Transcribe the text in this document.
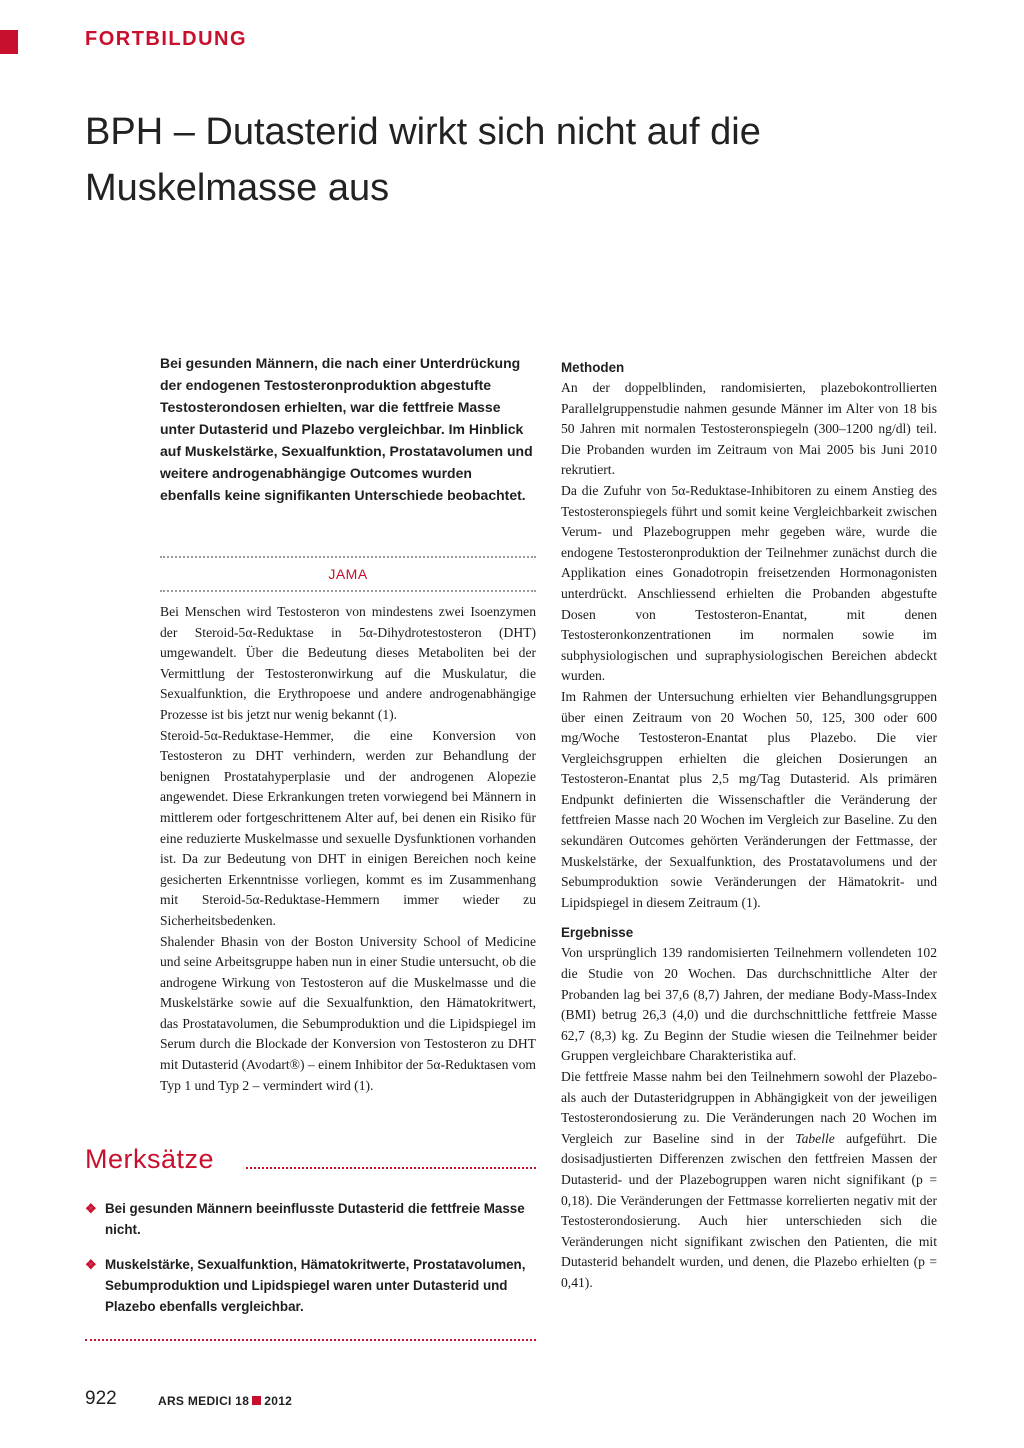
FORTBILDUNG
BPH – Dutasterid wirkt sich nicht auf die Muskelmasse aus

Bei gesunden Männern, die nach einer Unterdrückung der endogenen Testosteronproduktion abgestufte Testosterondosen erhielten, war die fettfreie Masse unter Dutasterid und Plazebo vergleichbar. Im Hinblick auf Muskelstärke, Sexualfunktion, Prostatavolumen und weitere androgenabhängige Outcomes wurden ebenfalls keine signifikanten Unterschiede beobachtet.

JAMA

Bei Menschen wird Testosteron von mindestens zwei Isoenzymen der Steroid-5α-Reduktase in 5α-Dihydrotestosteron (DHT) umgewandelt. Über die Bedeutung dieses Metaboliten bei der Vermittlung der Testosteronwirkung auf die Muskulatur, die Sexualfunktion, die Erythropoese und andere androgenabhängige Prozesse ist bis jetzt nur wenig bekannt (1).

Steroid-5α-Reduktase-Hemmer, die eine Konversion von Testosteron zu DHT verhindern, werden zur Behandlung der benignen Prostatahyperplasie und der androgenen Alopezie angewendet. Diese Erkrankungen treten vorwiegend bei Männern in mittlerem oder fortgeschrittenem Alter auf, bei denen ein Risiko für eine reduzierte Muskelmasse und sexuelle Dysfunktionen vorhanden ist. Da zur Bedeutung von DHT in einigen Bereichen noch keine gesicherten Erkenntnisse vorliegen, kommt es im Zusammenhang mit Steroid-5α-Reduktase-Hemmern immer wieder zu Sicherheitsbedenken.

Shalender Bhasin von der Boston University School of Medicine und seine Arbeitsgruppe haben nun in einer Studie untersucht, ob die androgene Wirkung von Testosteron auf die Muskelmasse und die Muskelstärke sowie auf die Sexualfunktion, den Hämatokritwert, das Prostatavolumen, die Sebumproduktion und die Lipidspiegel im Serum durch die Blockade der Konversion von Testosteron zu DHT mit Dutasterid (Avodart®) – einem Inhibitor der 5α-Reduktasen vom Typ 1 und Typ 2 – vermindert wird (1).

Methoden

An der doppelblinden, randomisierten, plazebokontrollierten Parallelgruppenstudie nahmen gesunde Männer im Alter von 18 bis 50 Jahren mit normalen Testosteronspiegeln (300–1200 ng/dl) teil. Die Probanden wurden im Zeitraum von Mai 2005 bis Juni 2010 rekrutiert.

Da die Zufuhr von 5α-Reduktase-Inhibitoren zu einem Anstieg des Testosteronspiegels führt und somit keine Vergleichbarkeit zwischen Verum- und Plazebogruppen mehr gegeben wäre, wurde die endogene Testosteronproduktion der Teilnehmer zunächst durch die Applikation eines Gonadotropin freisetzenden Hormonagonisten unterdrückt. Anschliessend erhielten die Probanden abgestufte Dosen von Testosteron-Enantat, mit denen Testosteronkonzentrationen im normalen sowie im subphysiologischen und supraphysiologischen Bereichen abdeckt wurden.

Im Rahmen der Untersuchung erhielten vier Behandlungsgruppen über einen Zeitraum von 20 Wochen 50, 125, 300 oder 600 mg/Woche Testosteron-Enantat plus Plazebo. Die vier Vergleichsgruppen erhielten die gleichen Dosierungen an Testosteron-Enantat plus 2,5 mg/Tag Dutasterid. Als primären Endpunkt definierten die Wissenschaftler die Veränderung der fettfreien Masse nach 20 Wochen im Vergleich zur Baseline. Zu den sekundären Outcomes gehörten Veränderungen der Fettmasse, der Muskelstärke, der Sexualfunktion, des Prostatavolumens und der Sebumproduktion sowie Veränderungen der Hämatokrit- und Lipidspiegel in diesem Zeitraum (1).

Ergebnisse

Von ursprünglich 139 randomisierten Teilnehmern vollendeten 102 die Studie von 20 Wochen. Das durchschnittliche Alter der Probanden lag bei 37,6 (8,7) Jahren, der mediane Body-Mass-Index (BMI) betrug 26,3 (4,0) und die durchschnittliche fettfreie Masse 62,7 (8,3) kg. Zu Beginn der Studie wiesen die Teilnehmer beider Gruppen vergleichbare Charakteristika auf.

Die fettfreie Masse nahm bei den Teilnehmern sowohl der Plazebo- als auch der Dutasteridgruppen in Abhängigkeit von der jeweiligen Testosterondosierung zu. Die Veränderungen nach 20 Wochen im Vergleich zur Baseline sind in der Tabelle aufgeführt. Die dosisadjustierten Differenzen zwischen den fettfreien Massen der Dutasterid- und der Plazebogruppen waren nicht signifikant (p = 0,18). Die Veränderungen der Fettmasse korrelierten negativ mit der Testosterondosierung. Auch hier unterschieden sich die Veränderungen nicht signifikant zwischen den Patienten, die mit Dutasterid behandelt wurden, und denen, die Plazebo erhielten (p = 0,41).

Merksätze
❖ Bei gesunden Männern beeinflusste Dutasterid die fettfreie Masse nicht.
❖ Muskelstärke, Sexualfunktion, Hämatokritwerte, Prostatavolumen, Sebumproduktion und Lipidspiegel waren unter Dutasterid und Plazebo ebenfalls vergleichbar.
922	ARS MEDICI 18 2012
